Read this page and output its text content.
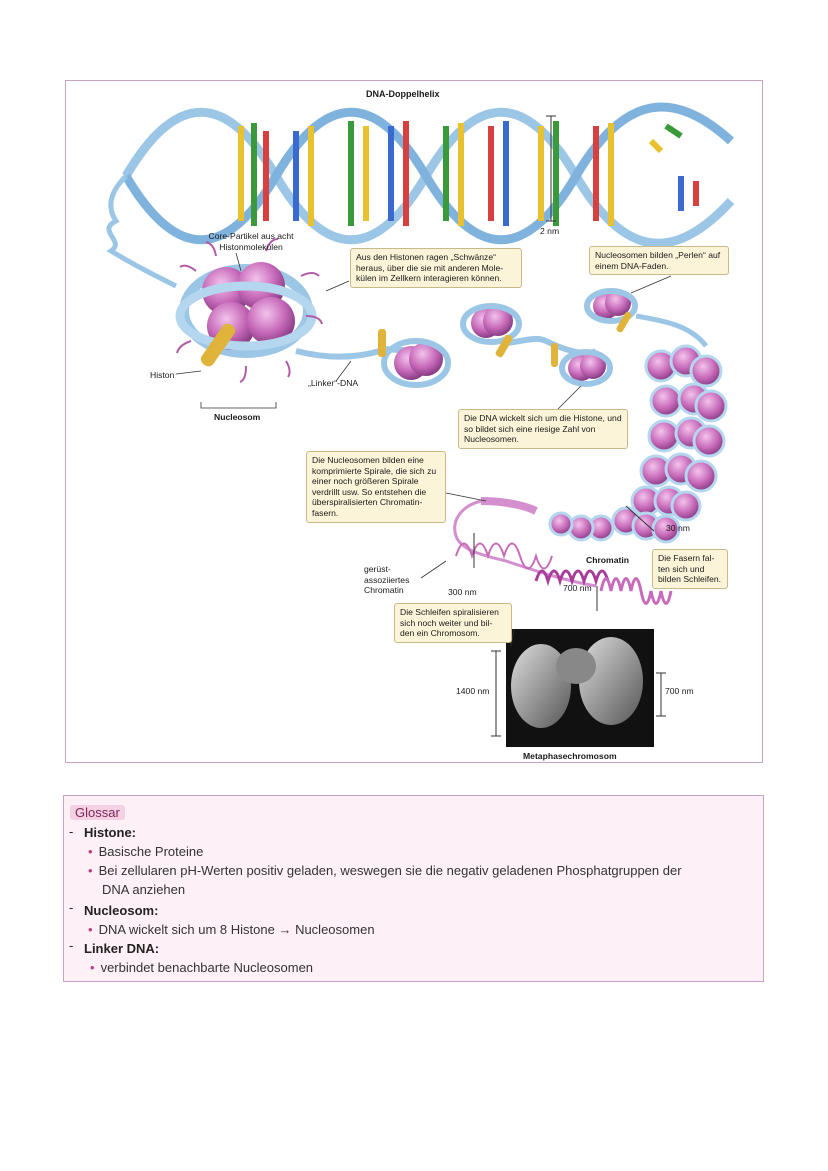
DNA-Doppelhelix
2 nm
Core-Partikel aus acht Histonmolekülen
Histon
„Linker“-DNA
Nucleosom
30 nm
Chromatin
gerüst-
assoziiertes
Chromatin	300 nm	700 nm
1400 nm	700 nm
Metaphasechromosom
Aus den Histonen ragen „Schwänze“ heraus, über die sie mit anderen Mole-
külen im Zellkern interagieren können.
Nucleosomen bilden „Perlen“ auf einem DNA-Faden.
Die DNA wickelt sich um die Histone, und so bildet sich eine riesige Zahl von Nucleosomen.
Die Nucleosomen bilden eine komprimierte Spirale, die sich zu einer noch größeren Spirale verdrillt usw. So entstehen die überspiralisierten Chromatin-
fasern.
Die Fasern fal-
ten sich und bilden Schleifen.
Die Schleifen spiralisieren sich noch weiter und bil-
den ein Chromosom.
Glossar
- Histone:
• Basische Proteine
• Bei zellularen pH-Werten positiv geladen, weswegen sie die negativ geladenen Phosphatgruppen der
DNA anziehen
- Nucleosom:
• DNA wickelt sich um 8 Histone → Nucleosomen
- Linker DNA:
• verbindet benachbarte Nucleosomen
